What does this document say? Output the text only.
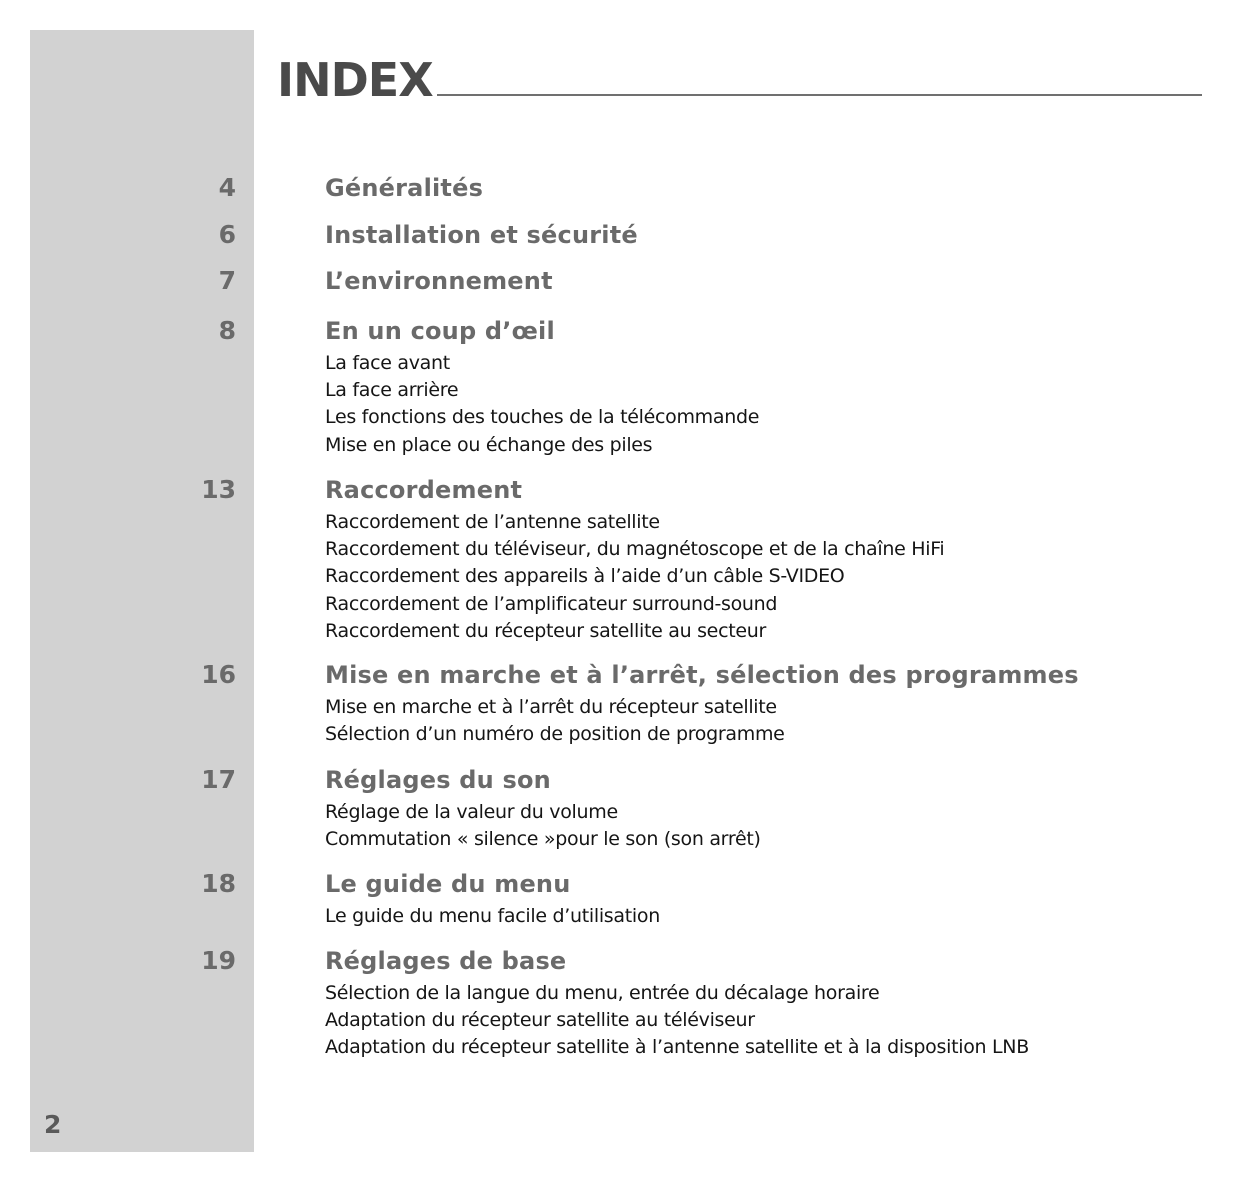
2
INDEX
4	Généralités
6	Installation et sécurité
7	L’environnement
8	En un coup d’œil
La face avant
La face arrière
Les fonctions des touches de la télécommande
Mise en place ou échange des piles
13	Raccordement
Raccordement de l’antenne satellite
Raccordement du téléviseur, du magnétoscope et de la chaîne HiFi
Raccordement des appareils à l’aide d’un câble S-VIDEO
Raccordement de l’amplificateur surround-sound
Raccordement du récepteur satellite au secteur
16	Mise en marche et à l’arrêt, sélection des programmes
Mise en marche et à l’arrêt du récepteur satellite
Sélection d’un numéro de position de programme
17	Réglages du son
Réglage de la valeur du volume
Commutation « silence »pour le son (son arrêt)
18	Le guide du menu
Le guide du menu facile d’utilisation
19	Réglages de base
Sélection de la langue du menu, entrée du décalage horaire
Adaptation du récepteur satellite au téléviseur
Adaptation du récepteur satellite à l’antenne satellite et à la disposition LNB
